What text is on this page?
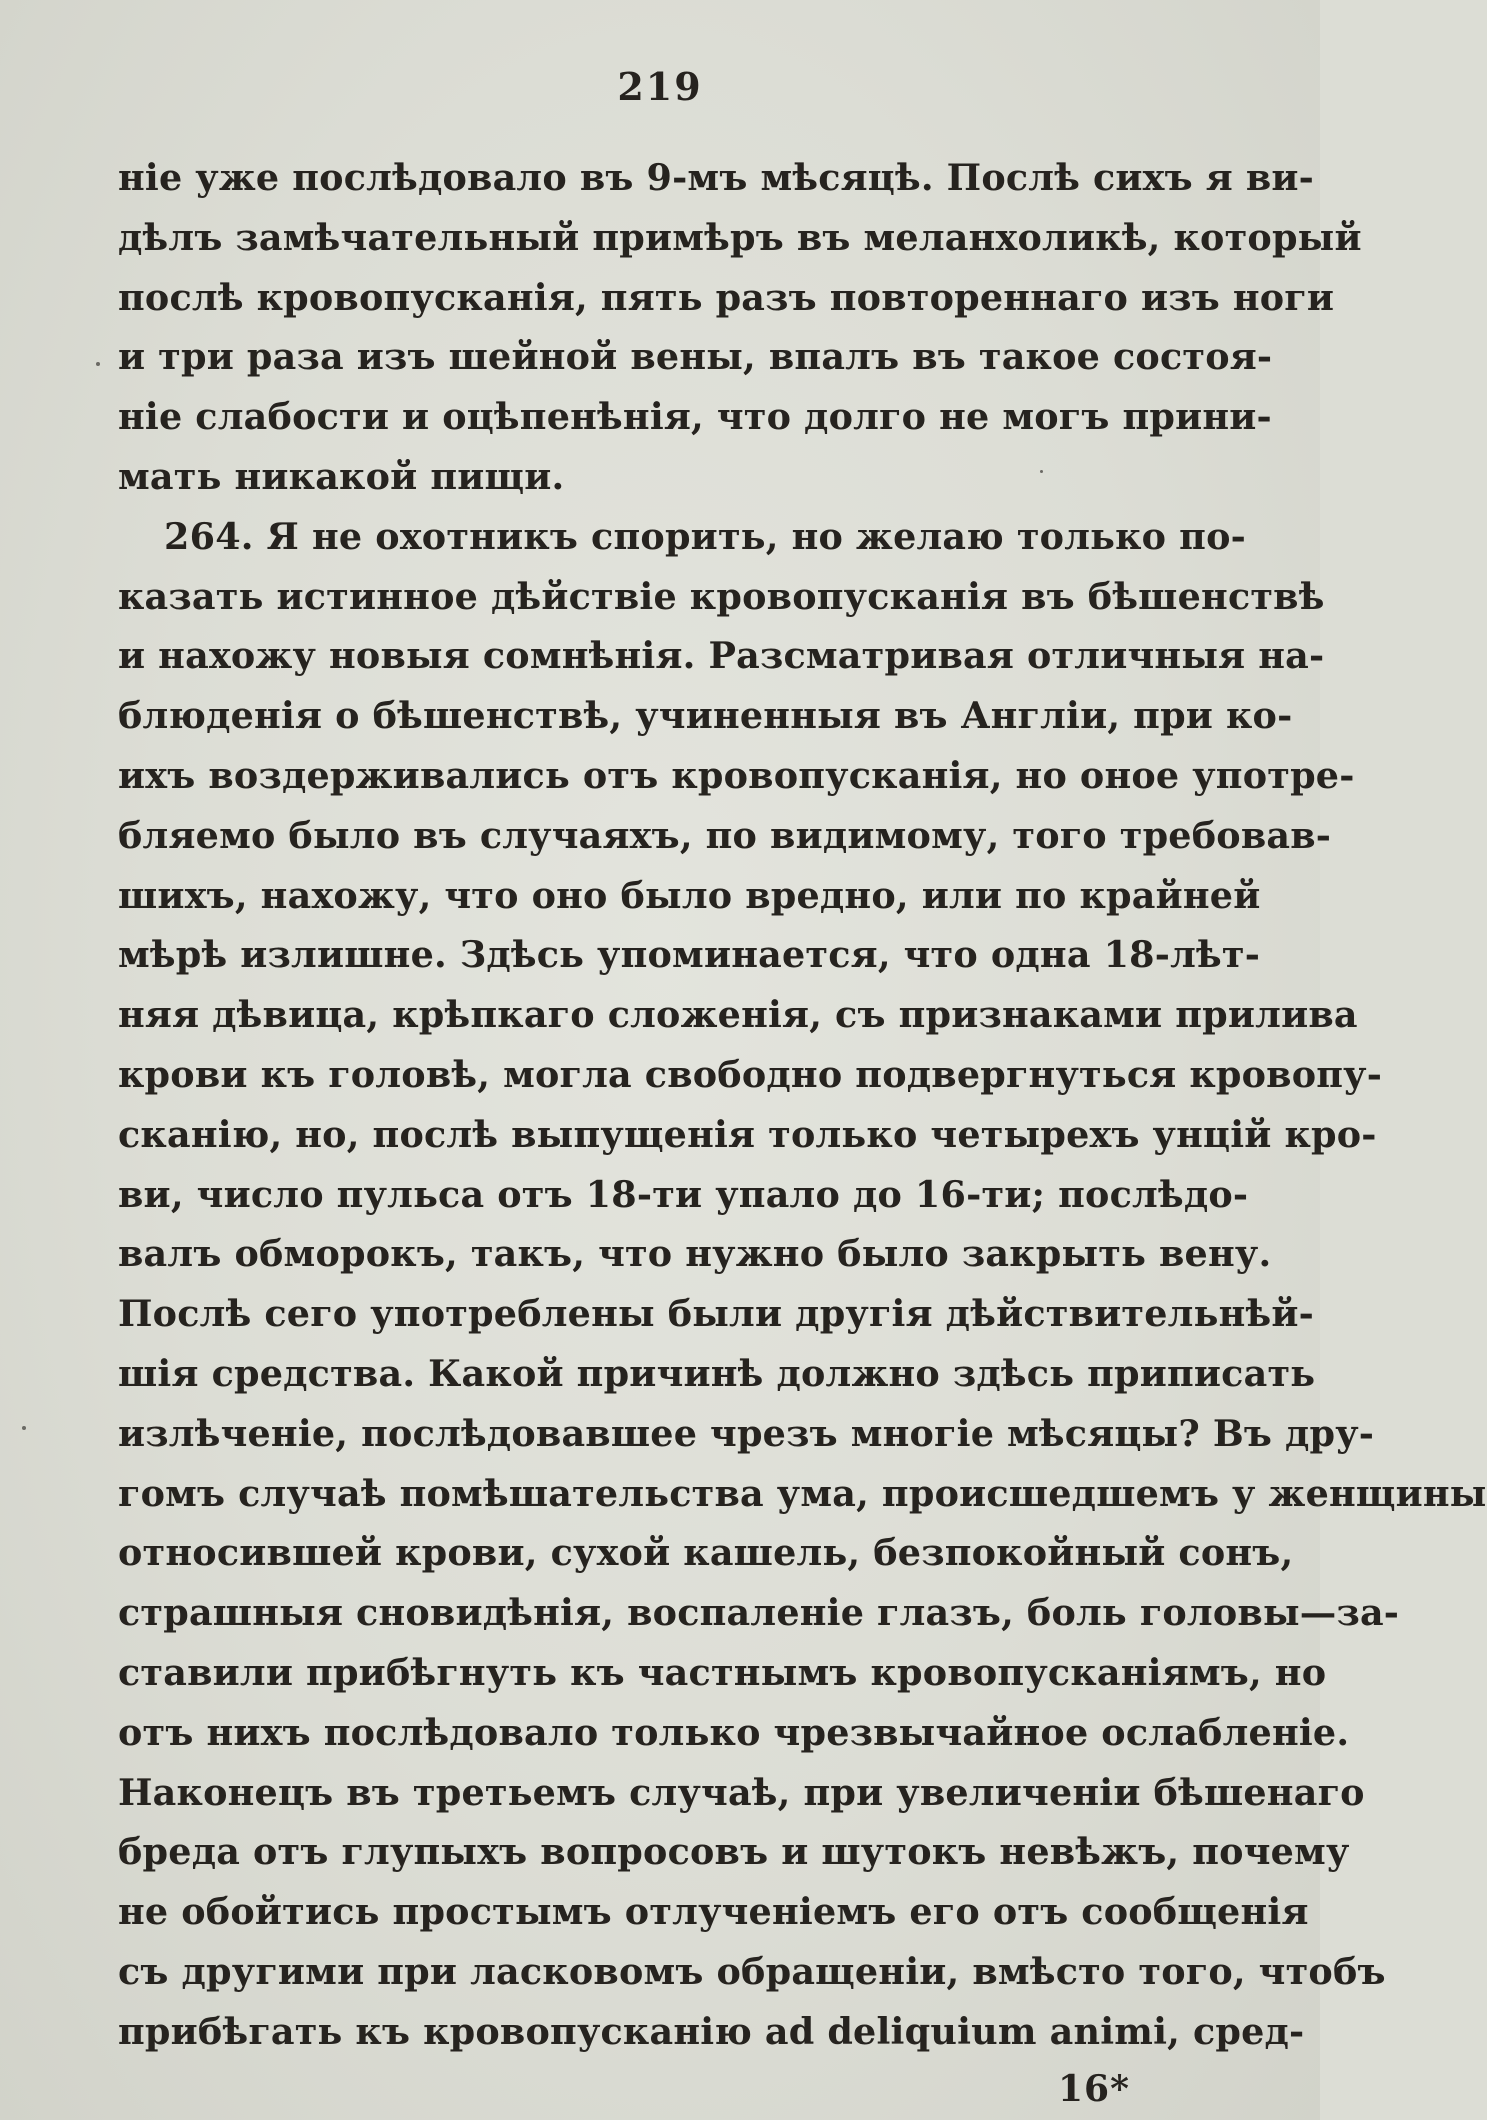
219
ніе уже послѣдовало въ 9-мъ мѣсяцѣ. Послѣ сихъ я ви-
дѣлъ замѣчательный примѣръ въ меланхоликѣ, который
послѣ кровопусканія, пять разъ повтореннаго изъ ноги
и три раза изъ шейной вены, впалъ въ такое состоя-
ніе слабости и оцѣпенѣнія, что долго не могъ прини-
мать никакой пищи.
264. Я не охотникъ спорить, но желаю только по-
казать истинное дѣйствіе кровопусканія въ бѣшенствѣ
и нахожу новыя сомнѣнія. Разсматривая отличныя на-
блюденія о бѣшенствѣ, учиненныя въ Англіи, при ко-
ихъ воздерживались отъ кровопусканія, но оное употре-
бляемо было въ случаяхъ, по видимому, того требовав-
шихъ, нахожу, что оно было вредно, или по крайней
мѣрѣ излишне. Здѣсь упоминается, что одна 18-лѣт-
няя дѣвица, крѣпкаго сложенія, съ признаками прилива
крови къ головѣ, могла свободно подвергнуться кровопу-
сканію, но, послѣ выпущенія только четырехъ унцій кро-
ви, число пульса отъ 18-ти упало до 16-ти; послѣдо-
валъ обморокъ, такъ, что нужно было закрыть вену.
Послѣ сего употреблены были другія дѣйствительнѣй-
шія средства. Какой причинѣ должно здѣсь приписать
излѣченіе, послѣдовавшее чрезъ многіе мѣсяцы? Въ дру-
гомъ случаѣ помѣшательства ума, происшедшемъ у женщины
относившей крови, сухой кашель, безпокойный сонъ,
страшныя сновидѣнія, воспаленіе глазъ, боль головы—за-
ставили прибѣгнуть къ частнымъ кровопусканіямъ, но
отъ нихъ послѣдовало только чрезвычайное ослабленіе.
Наконецъ въ третьемъ случаѣ, при увеличеніи бѣшенаго
бреда отъ глупыхъ вопросовъ и шутокъ невѣжъ, почему
не обойтись простымъ отлученіемъ его отъ сообщенія
съ другими при ласковомъ обращеніи, вмѣсто того, чтобъ
прибѣгать къ кровопусканію ad deliquium animi, сред-
16*
